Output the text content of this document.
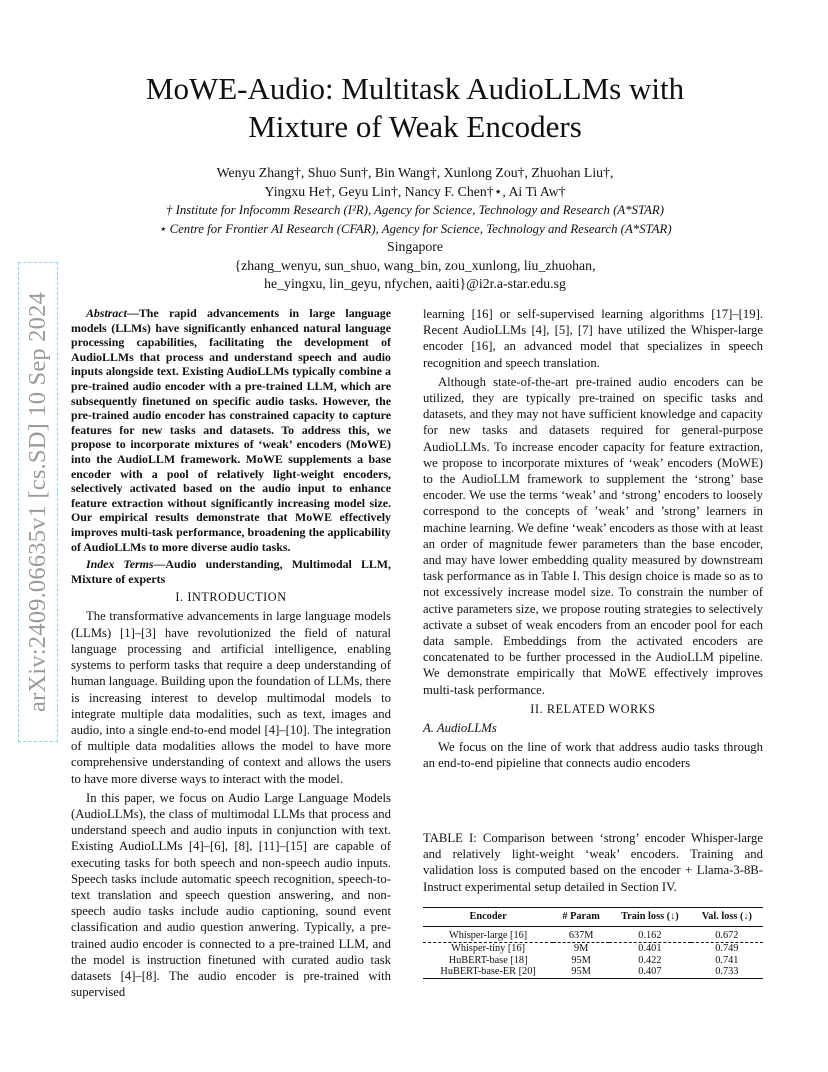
arXiv:2409.06635v1 [cs.SD] 10 Sep 2024
MoWE-Audio: Multitask AudioLLMs with Mixture of Weak Encoders
Wenyu Zhang†, Shuo Sun†, Bin Wang†, Xunlong Zou†, Zhuohan Liu†,
Yingxu He†, Geyu Lin†, Nancy F. Chen†⋆, Ai Ti Aw†
† Institute for Infocomm Research (I²R), Agency for Science, Technology and Research (A*STAR)
⋆ Centre for Frontier AI Research (CFAR), Agency for Science, Technology and Research (A*STAR)
Singapore
{zhang_wenyu, sun_shuo, wang_bin, zou_xunlong, liu_zhuohan,
he_yingxu, lin_geyu, nfychen, aaiti}@i2r.a-star.edu.sg

Abstract—The rapid advancements in large language models (LLMs) have significantly enhanced natural language processing capabilities, facilitating the development of AudioLLMs that process and understand speech and audio inputs alongside text. Existing AudioLLMs typically combine a pre-trained audio encoder with a pre-trained LLM, which are subsequently finetuned on specific audio tasks. However, the pre-trained audio encoder has constrained capacity to capture features for new tasks and datasets. To address this, we propose to incorporate mixtures of ‘weak’ encoders (MoWE) into the AudioLLM framework. MoWE supplements a base encoder with a pool of relatively light-weight encoders, selectively activated based on the audio input to enhance feature extraction without significantly increasing model size. Our empirical results demonstrate that MoWE effectively improves multi-task performance, broadening the applicability of AudioLLMs to more diverse audio tasks.

Index Terms—Audio understanding, Multimodal LLM, Mixture of experts

I. INTRODUCTION

The transformative advancements in large language models (LLMs) [1]–[3] have revolutionized the field of natural language processing and artificial intelligence, enabling systems to perform tasks that require a deep understanding of human language. Building upon the foundation of LLMs, there is increasing interest to develop multimodal models to integrate multiple data modalities, such as text, images and audio, into a single end-to-end model [4]–[10]. The integration of multiple data modalities allows the model to have more comprehensive understanding of context and allows the users to have more diverse ways to interact with the model.

In this paper, we focus on Audio Large Language Models (AudioLLMs), the class of multimodal LLMs that process and understand speech and audio inputs in conjunction with text. Existing AudioLLMs [4]–[6], [8], [11]–[15] are capable of executing tasks for both speech and non-speech audio inputs. Speech tasks include automatic speech recognition, speech-to-text translation and speech question answering, and non-speech audio tasks include audio captioning, sound event classification and audio question anwering. Typically, a pre-trained audio encoder is connected to a pre-trained LLM, and the model is instruction finetuned with curated audio task datasets [4]–[8]. The audio encoder is pre-trained with supervised

learning [16] or self-supervised learning algorithms [17]–[19]. Recent AudioLLMs [4], [5], [7] have utilized the Whisper-large encoder [16], an advanced model that specializes in speech recognition and speech translation.

Although state-of-the-art pre-trained audio encoders can be utilized, they are typically pre-trained on specific tasks and datasets, and they may not have sufficient knowledge and capacity for new tasks and datasets required for general-purpose AudioLLMs. To increase encoder capacity for feature extraction, we propose to incorporate mixtures of ‘weak’ encoders (MoWE) to the AudioLLM framework to supplement the ‘strong’ base encoder. We use the terms ‘weak’ and ‘strong’ encoders to loosely correspond to the concepts of ’weak’ and ’strong’ learners in machine learning. We define ‘weak’ encoders as those with at least an order of magnitude fewer parameters than the base encoder, and may have lower embedding quality measured by downstream task performance as in Table I. This design choice is made so as to not excessively increase model size. To constrain the number of active parameters size, we propose routing strategies to selectively activate a subset of weak encoders from an encoder pool for each data sample. Embeddings from the activated encoders are concatenated to be further processed in the AudioLLM pipeline. We demonstrate empirically that MoWE effectively improves multi-task performance.

II. RELATED WORKS

A. AudioLLMs

We focus on the line of work that address audio tasks through an end-to-end pipieline that connects audio encoders

TABLE I: Comparison between ‘strong’ encoder Whisper-large and relatively light-weight ‘weak’ encoders. Training and validation loss is computed based on the encoder + Llama-3-8B-Instruct experimental setup detailed in Section IV.
Encoder	# Param	Train loss (↓)	Val. loss (↓)
Whisper-large [16]	637M	0.162	0.672
Whisper-tiny [16]	9M	0.401	0.749
HuBERT-base [18]	95M	0.422	0.741
HuBERT-base-ER [20]	95M	0.407	0.733
